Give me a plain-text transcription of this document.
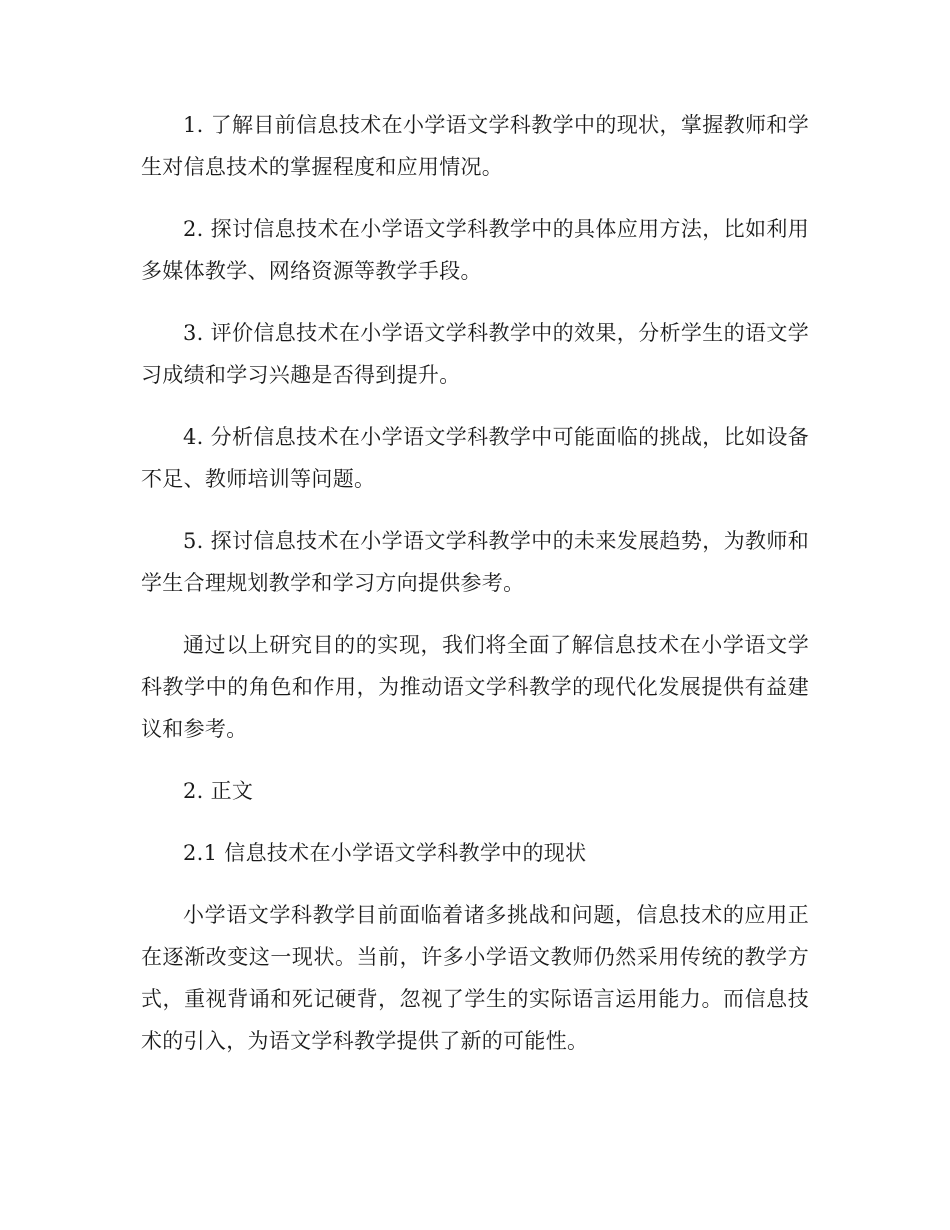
1. 了解目前信息技术在小学语文学科教学中的现状，掌握教师和学生对信息技术的掌握程度和应用情况。

2. 探讨信息技术在小学语文学科教学中的具体应用方法，比如利用多媒体教学、网络资源等教学手段。

3. 评价信息技术在小学语文学科教学中的效果，分析学生的语文学习成绩和学习兴趣是否得到提升。

4. 分析信息技术在小学语文学科教学中可能面临的挑战，比如设备不足、教师培训等问题。

5. 探讨信息技术在小学语文学科教学中的未来发展趋势，为教师和学生合理规划教学和学习方向提供参考。

通过以上研究目的的实现，我们将全面了解信息技术在小学语文学科教学中的角色和作用，为推动语文学科教学的现代化发展提供有益建议和参考。

2. 正文

2.1 信息技术在小学语文学科教学中的现状

小学语文学科教学目前面临着诸多挑战和问题，信息技术的应用正在逐渐改变这一现状。当前，许多小学语文教师仍然采用传统的教学方式，重视背诵和死记硬背，忽视了学生的实际语言运用能力。而信息技术的引入，为语文学科教学提供了新的可能性。
